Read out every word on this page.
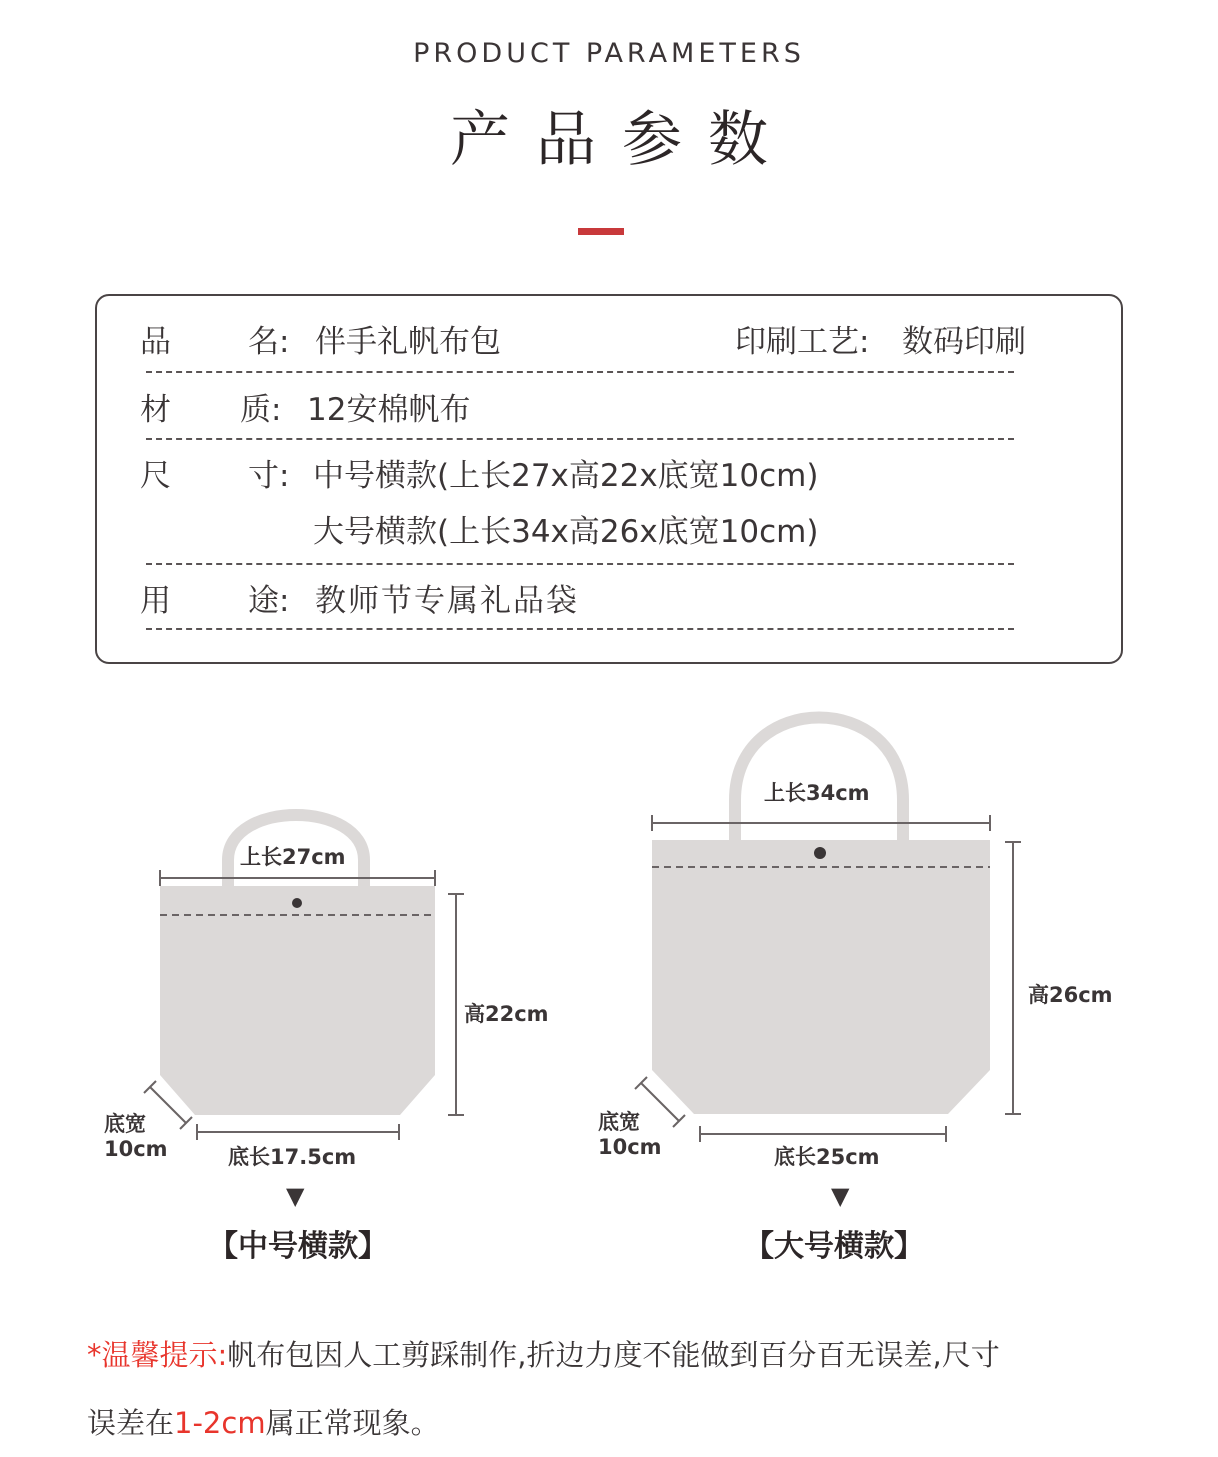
PRODUCT PARAMETERS
产品参数
品 名: 伴手礼帆布包	印刷工艺: 数码印刷
材 质: 12安棉帆布
尺 寸: 中号横款(上长27x高22x底宽10cm)
大号横款(上长34x高26x底宽10cm)
用 途: 教师节专属礼品袋
上长27cm
高22cm
底宽
10cm	底长17.5cm
▼
【中号横款】
上长34cm
高26cm
底宽
10cm	底长25cm
▼
【大号横款】
*温馨提示:帆布包因人工剪踩制作,折边力度不能做到百分百无误差,尺寸
误差在1-2cm属正常现象。
